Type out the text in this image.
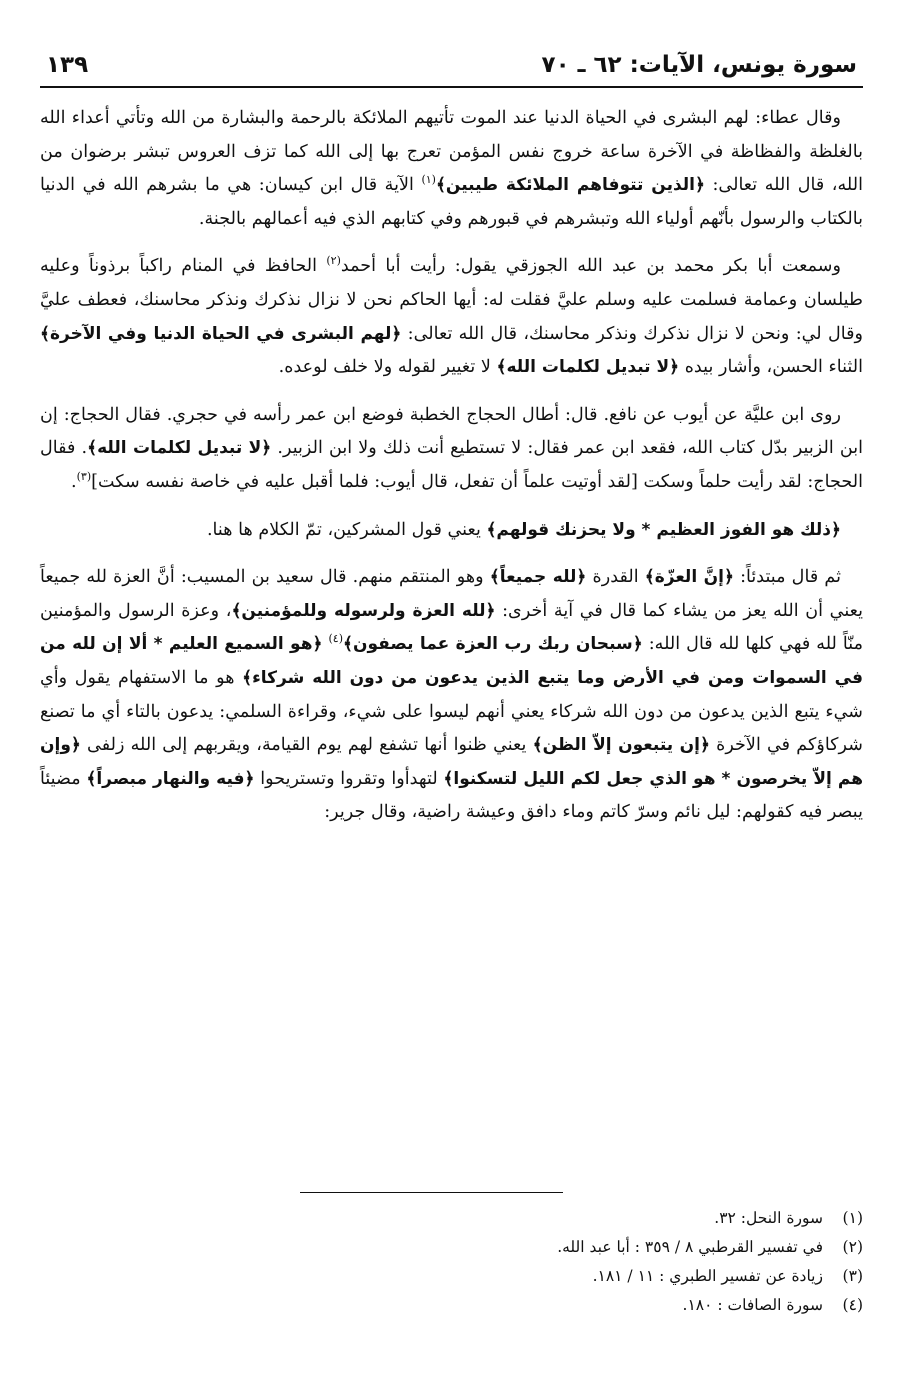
سورة يونس، الآيات: ٦٢ ـ ٧٠
١٣٩

وقال عطاء: لهم البشرى في الحياة الدنيا عند الموت تأتيهم الملائكة بالرحمة والبشارة من الله وتأتي أعداء الله بالغلظة والفظاظة في الآخرة ساعة خروج نفس المؤمن تعرج بها إلى الله كما تزف العروس تبشر برضوان من الله، قال الله تعالى: ﴿الذين تتوفاهم الملائكة طيبين﴾$^{(١)}$ الآية قال ابن كيسان: هي ما بشرهم الله في الدنيا بالكتاب والرسول بأنّهم أولياء الله وتبشرهم في قبورهم وفي كتابهم الذي فيه أعمالهم بالجنة.

وسمعت أبا بكر محمد بن عبد الله الجوزقي يقول: رأيت أبا أحمد$^{(٢)}$ الحافظ في المنام راكباً برذوناً وعليه طيلسان وعمامة فسلمت عليه وسلم عليَّ فقلت له: أيها الحاكم نحن لا نزال نذكرك ونذكر محاسنك، فعطف عليَّ وقال لي: ونحن لا نزال نذكرك ونذكر محاسنك، قال الله تعالى: ﴿لهم البشرى في الحياة الدنيا وفي الآخرة﴾ الثناء الحسن، وأشار بيده ﴿لا تبديل لكلمات الله﴾ لا تغيير لقوله ولا خلف لوعده.

روى ابن عليَّة عن أيوب عن نافع. قال: أطال الحجاج الخطبة فوضع ابن عمر رأسه في حجري. فقال الحجاج: إن ابن الزبير بدّل كتاب الله، فقعد ابن عمر فقال: لا تستطيع أنت ذلك ولا ابن الزبير. ﴿لا تبديل لكلمات الله﴾. فقال الحجاج: لقد رأيت حلماً وسكت [لقد أوتيت علماً أن تفعل، قال أيوب: فلما أقبل عليه في خاصة نفسه سكت]$^{(٣)}$.

﴿ذلك هو الفوز العظيم * ولا يحزنك قولهم﴾ يعني قول المشركين، تمّ الكلام ها هنا.

ثم قال مبتدئاً: ﴿إنَّ العزّة﴾ القدرة ﴿لله جميعاً﴾ وهو المنتقم منهم. قال سعيد بن المسيب: أنَّ العزة لله جميعاً يعني أن الله يعز من يشاء كما قال في آية أخرى: ﴿لله العزة ولرسوله وللمؤمنين﴾، وعزة الرسول والمؤمنين منّاً لله فهي كلها لله قال الله: ﴿سبحان ربك رب العزة عما يصفون﴾$^{(٤)}$ ﴿هو السميع العليم * ألا إن لله من في السموات ومن في الأرض وما يتبع الذين يدعون من دون الله شركاء﴾ هو ما الاستفهام يقول وأي شيء يتبع الذين يدعون من دون الله شركاء يعني أنهم ليسوا على شيء، وقراءة السلمي: يدعون بالتاء أي ما تصنع شركاؤكم في الآخرة ﴿إن يتبعون إلاّ الظن﴾ يعني ظنوا أنها تشفع لهم يوم القيامة، ويقربهم إلى الله زلفى ﴿وإن هم إلاّ يخرصون * هو الذي جعل لكم الليل لتسكنوا﴾ لتهدأوا وتقروا وتستريحوا ﴿فيه والنهار مبصراً﴾ مضيئاً يبصر فيه كقولهم: ليل نائم وسرّ كاتم وماء دافق وعيشة راضية، وقال جرير:

(١)
سورة النحل: ٣٢.
(٢)
في تفسير القرطبي ٨ / ٣٥٩ : أبا عبد الله.
(٣)
زيادة عن تفسير الطبري : ١١ / ١٨١.
(٤)
سورة الصافات : ١٨٠.
